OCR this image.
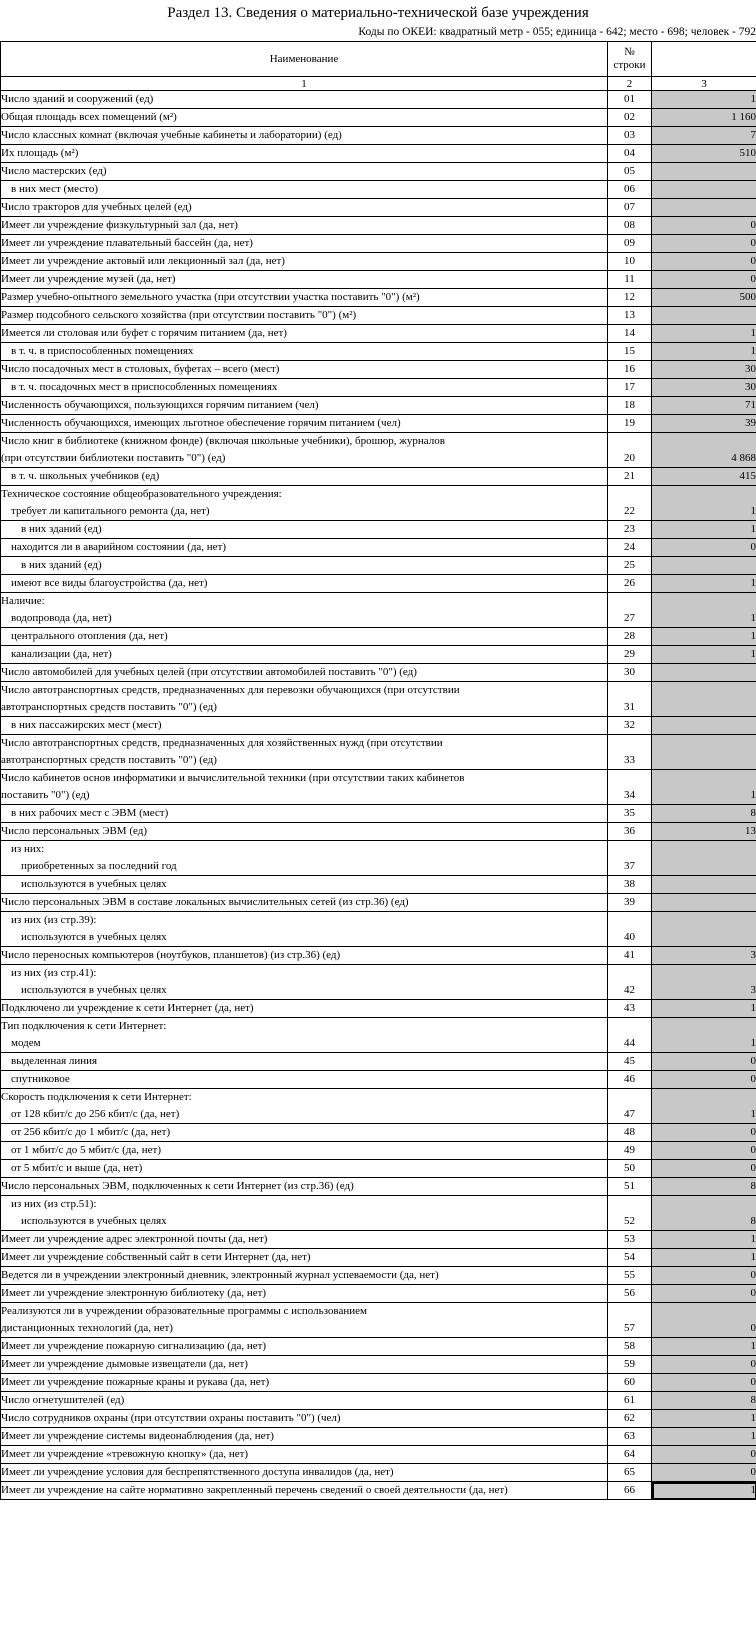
Раздел 13. Сведения о материально-технической базе учреждения
Коды по ОКЕИ: квадратный метр - 055; единица - 642; место - 698; человек - 792
Наименование	№ строки	
1	2	3

Число зданий и сооружений (ед)	01	1

Общая площадь всех помещений (м²)	02	1 160

Число классных комнат (включая учебные кабинеты и лаборатории) (ед)	03	7

Их площадь (м²)	04	510

Число мастерских (ед)	05	

в них мест (место)	06	

Число тракторов для учебных целей (ед)	07	

Имеет ли учреждение физкультурный зал (да, нет)	08	0

Имеет ли учреждение плавательный бассейн (да, нет)	09	0

Имеет ли учреждение актовый или лекционный зал (да, нет)	10	0

Имеет ли учреждение музей (да, нет)	11	0

Размер учебно-опытного земельного участка (при отсутствии участка поставить "0") (м²)	12	500

Размер подсобного сельского хозяйства (при отсутствии поставить "0") (м²)	13	

Имеется ли столовая или буфет с горячим питанием (да, нет)	14	1

в т. ч. в приспособленных помещениях	15	1

Число посадочных мест в столовых, буфетах – всего (мест)	16	30

в т. ч. посадочных мест в приспособленных помещениях	17	30

Численность обучающихся, пользующихся горячим питанием (чел)	18	71

Численность обучающихся, имеющих льготное обеспечение горячим питанием (чел)	19	39

Число книг в библиотеке (книжном фонде) (включая школьные учебники), брошюр, журналов
(при отсутствии библиотеки поставить "0") (ед)	20	4 868

в т. ч. школьных учебников (ед)	21	415

Техническое состояние общеобразовательного учреждения:
требует ли капитального ремонта (да, нет)	22	1

в них зданий (ед)	23	1

находится ли в аварийном состоянии (да, нет)	24	0

в них зданий (ед)	25	

имеют все виды благоустройства (да, нет)	26	1

Наличие:
водопровода (да, нет)	27	1

центрального отопления (да, нет)	28	1

канализации (да, нет)	29	1

Число автомобилей для учебных целей (при отсутствии автомобилей поставить "0") (ед)	30	

Число автотранспортных средств, предназначенных для перевозки обучающихся (при отсутствии
автотранспортных средств поставить "0") (ед)	31	

в них пассажирских мест (мест)	32	

Число автотранспортных средств, предназначенных для хозяйственных нужд (при отсутствии
автотранспортных средств поставить "0") (ед)	33	

Число кабинетов основ информатики и вычислительной техники (при отсутствии таких кабинетов
поставить "0") (ед)	34	1

в них рабочих мест с ЭВМ (мест)	35	8

Число персональных ЭВМ (ед)	36	13

из них:
приобретенных за последний год	37	

используются в учебных целях	38	

Число персональных ЭВМ в составе локальных вычислительных сетей (из стр.36) (ед)	39	

из них (из стр.39):
используются в учебных целях	40	

Число переносных компьютеров (ноутбуков, планшетов) (из стр.36) (ед)	41	3

из них (из стр.41):
используются в учебных целях	42	3

Подключено ли учреждение к сети Интернет (да, нет)	43	1

Тип подключения к сети Интернет:
модем	44	1

выделенная линия	45	0

спутниковое	46	0

Скорость подключения к сети Интернет:
от 128 кбит/с до 256 кбит/с (да, нет)	47	1

от 256 кбит/с до 1 мбит/с (да, нет)	48	0

от 1 мбит/с до 5 мбит/с (да, нет)	49	0

от 5 мбит/с и выше (да, нет)	50	0

Число персональных ЭВМ, подключенных к сети Интернет (из стр.36) (ед)	51	8

из них (из стр.51):
используются в учебных целях	52	8

Имеет ли учреждение адрес электронной почты (да, нет)	53	1

Имеет ли учреждение собственный сайт в сети Интернет (да, нет)	54	1

Ведется ли в учреждении электронный дневник, электронный журнал успеваемости (да, нет)	55	0

Имеет ли учреждение электронную библиотеку (да, нет)	56	0

Реализуются ли в учреждении образовательные программы с использованием
дистанционных технологий (да, нет)	57	0

Имеет ли учреждение пожарную сигнализацию (да, нет)	58	1

Имеет ли учреждение дымовые извещатели (да, нет)	59	0

Имеет ли учреждение пожарные краны и рукава (да, нет)	60	0

Число огнетушителей (ед)	61	8

Число сотрудников охраны (при отсутствии охраны поставить "0") (чел)	62	1

Имеет ли учреждение системы видеонаблюдения (да, нет)	63	1

Имеет ли учреждение «тревожную кнопку» (да, нет)	64	0

Имеет ли учреждение условия для беспрепятственного доступа инвалидов (да, нет)	65	0

Имеет ли учреждение на сайте нормативно закрепленный перечень сведений о своей деятельности (да, нет)	66	1
